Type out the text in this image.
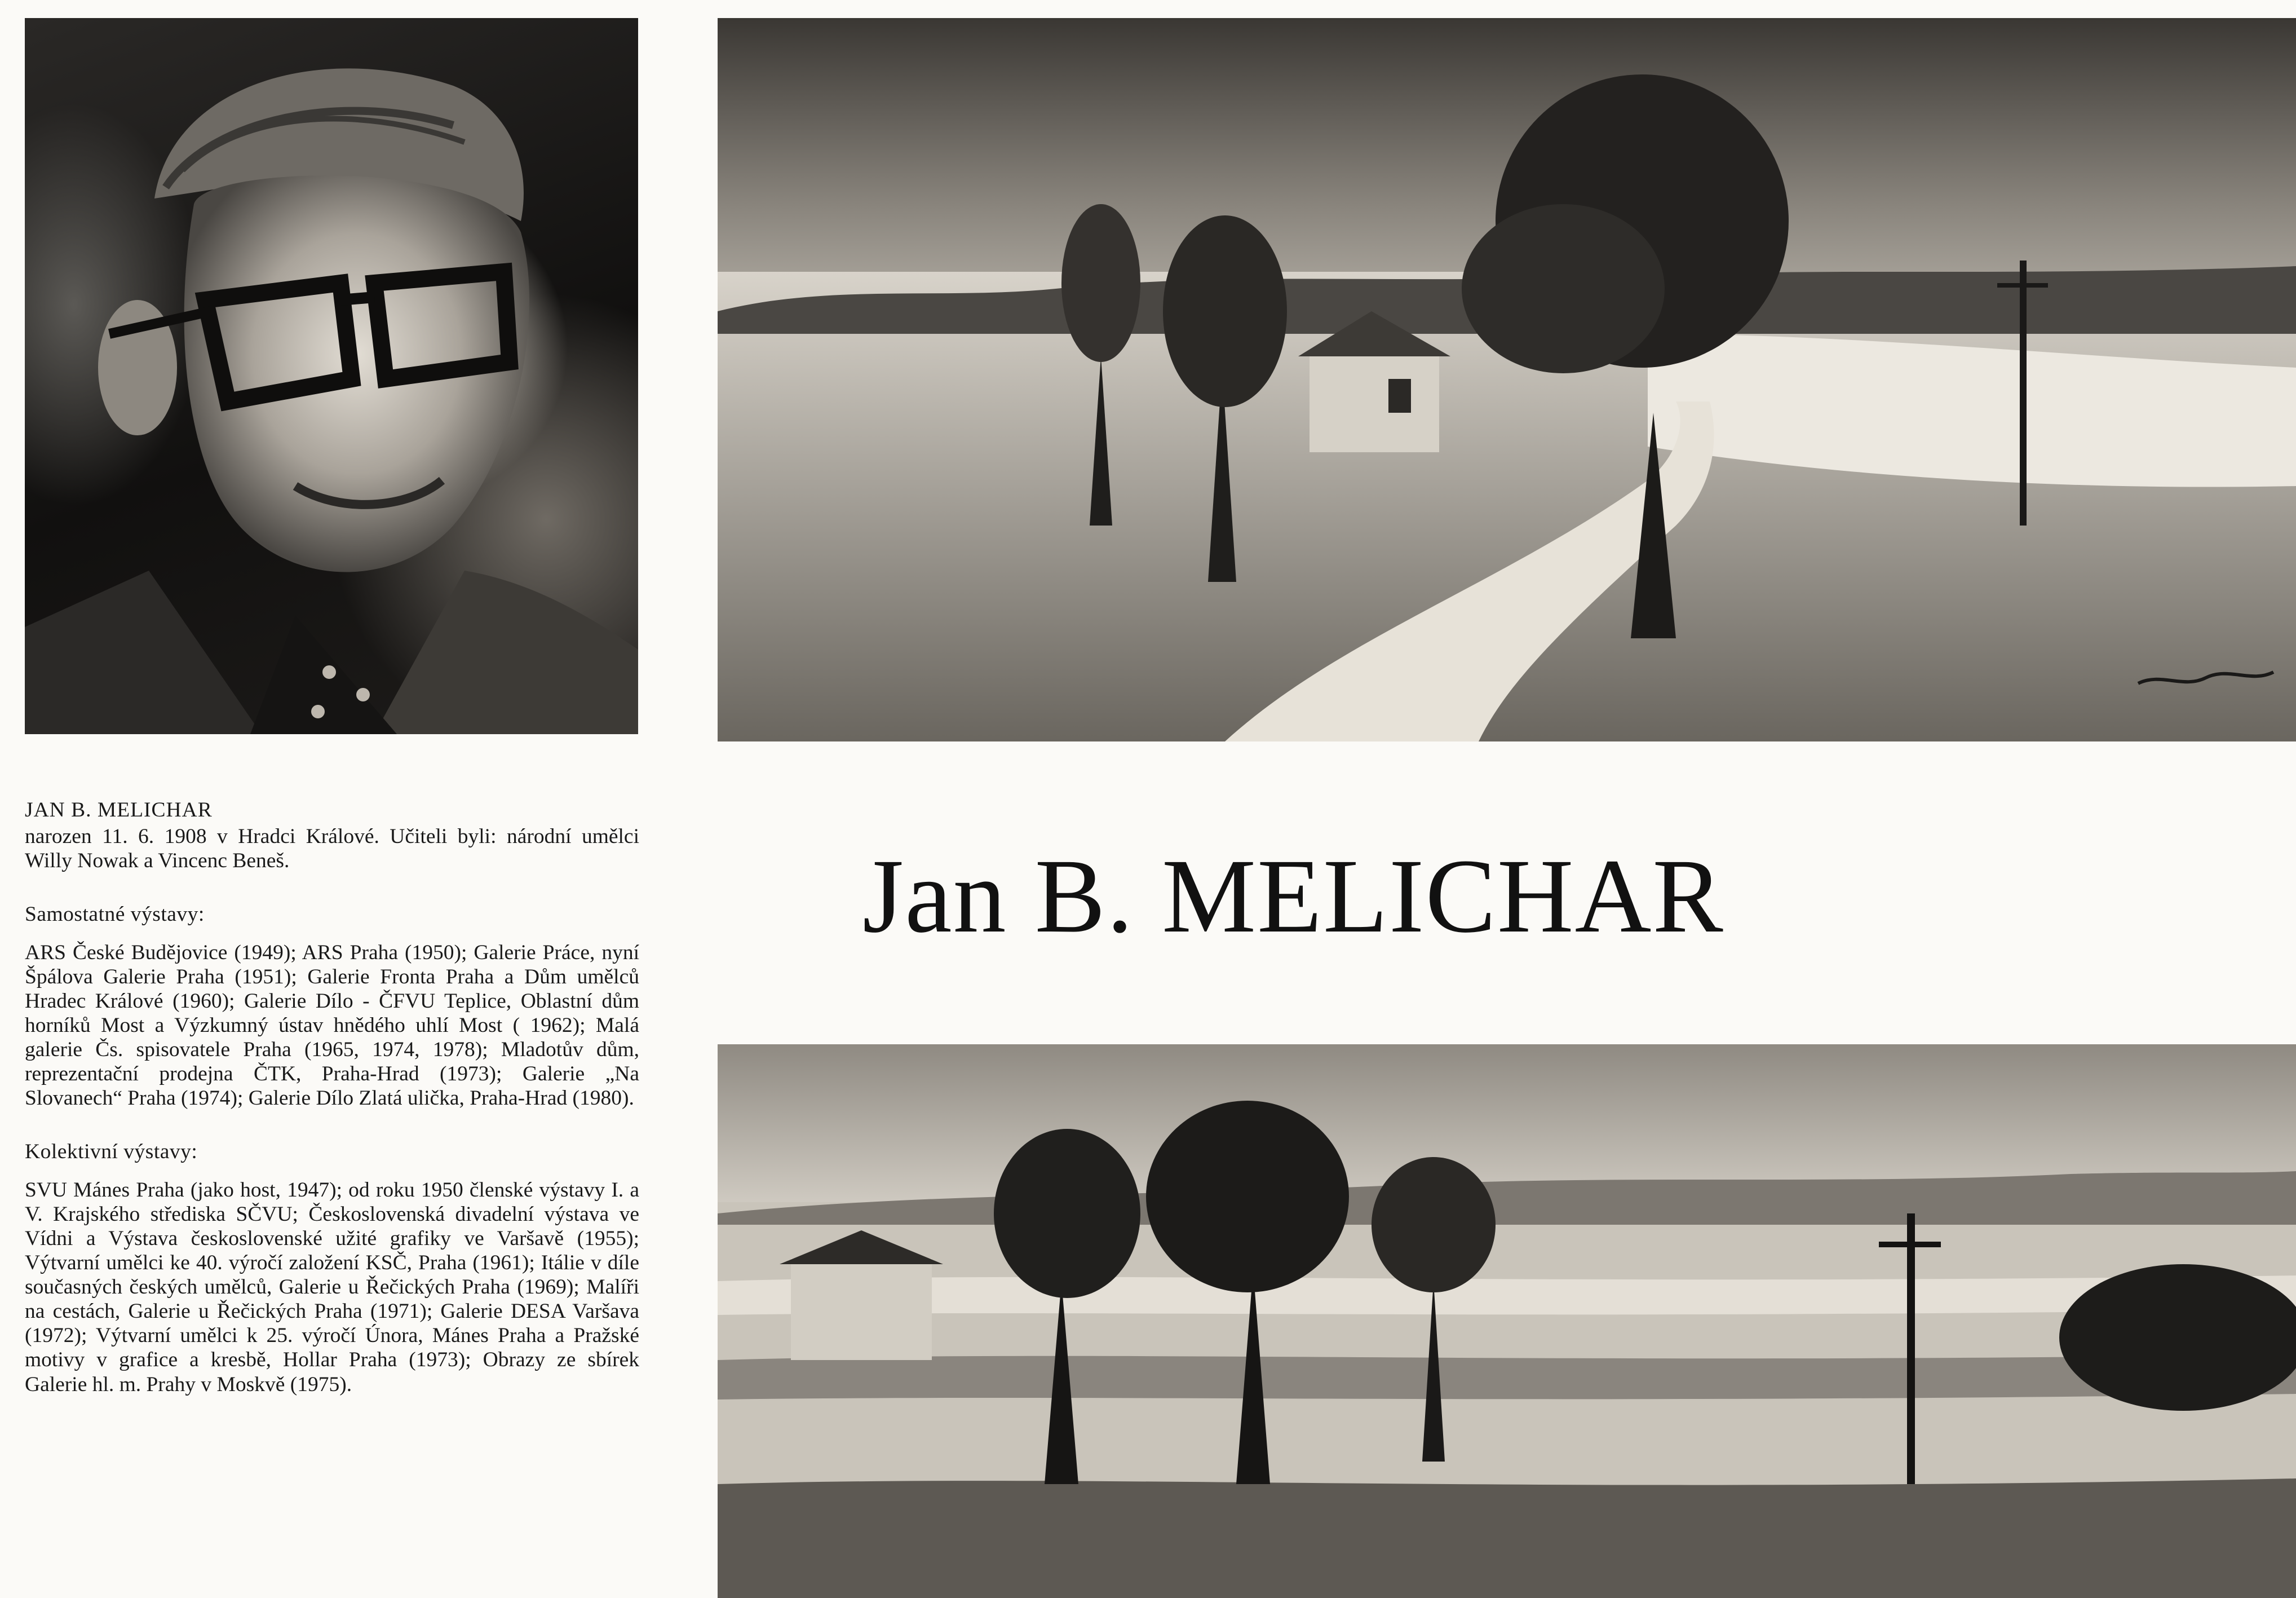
Jan B. MELICHAR

JAN B. MELICHAR

narozen 11. 6. 1908 v Hradci Králové. Učiteli byli: národní umělci Willy Nowak a Vincenc Beneš.

Samostatné výstavy:

ARS České Budějovice (1949); ARS Praha (1950); Galerie Práce, nyní Špálova Galerie Praha (1951); Galerie Fronta Praha a Dům umělců Hradec Králové (1960); Galerie Dílo - ČFVU Teplice, Oblastní dům horníků Most a Výzkumný ústav hnědého uhlí Most ( 1962); Malá galerie Čs. spisovatele Praha (1965, 1974, 1978); Mladotův dům, reprezentační prodejna ČTK, Praha-Hrad (1973); Galerie „Na Slovanech“ Praha (1974); Galerie Dílo Zlatá ulička, Praha-Hrad (1980).

Kolektivní výstavy:

SVU Mánes Praha (jako host, 1947); od roku 1950 členské výstavy I. a V. Krajského střediska SČVU; Československá divadelní výstava ve Vídni a Výstava československé užité grafiky ve Varšavě (1955); Výtvarní umělci ke 40. výročí založení KSČ, Praha (1961); Itálie v díle současných českých umělců, Galerie u Řečických Praha (1969); Malíři na cestách, Galerie u Řečických Praha (1971); Galerie DESA Varšava (1972); Výtvarní umělci k 25. výročí Února, Mánes Praha a Pražské motivy v grafice a kresbě, Hollar Praha (1973); Obrazy ze sbírek Galerie hl. m. Prahy v Moskvě (1975).
